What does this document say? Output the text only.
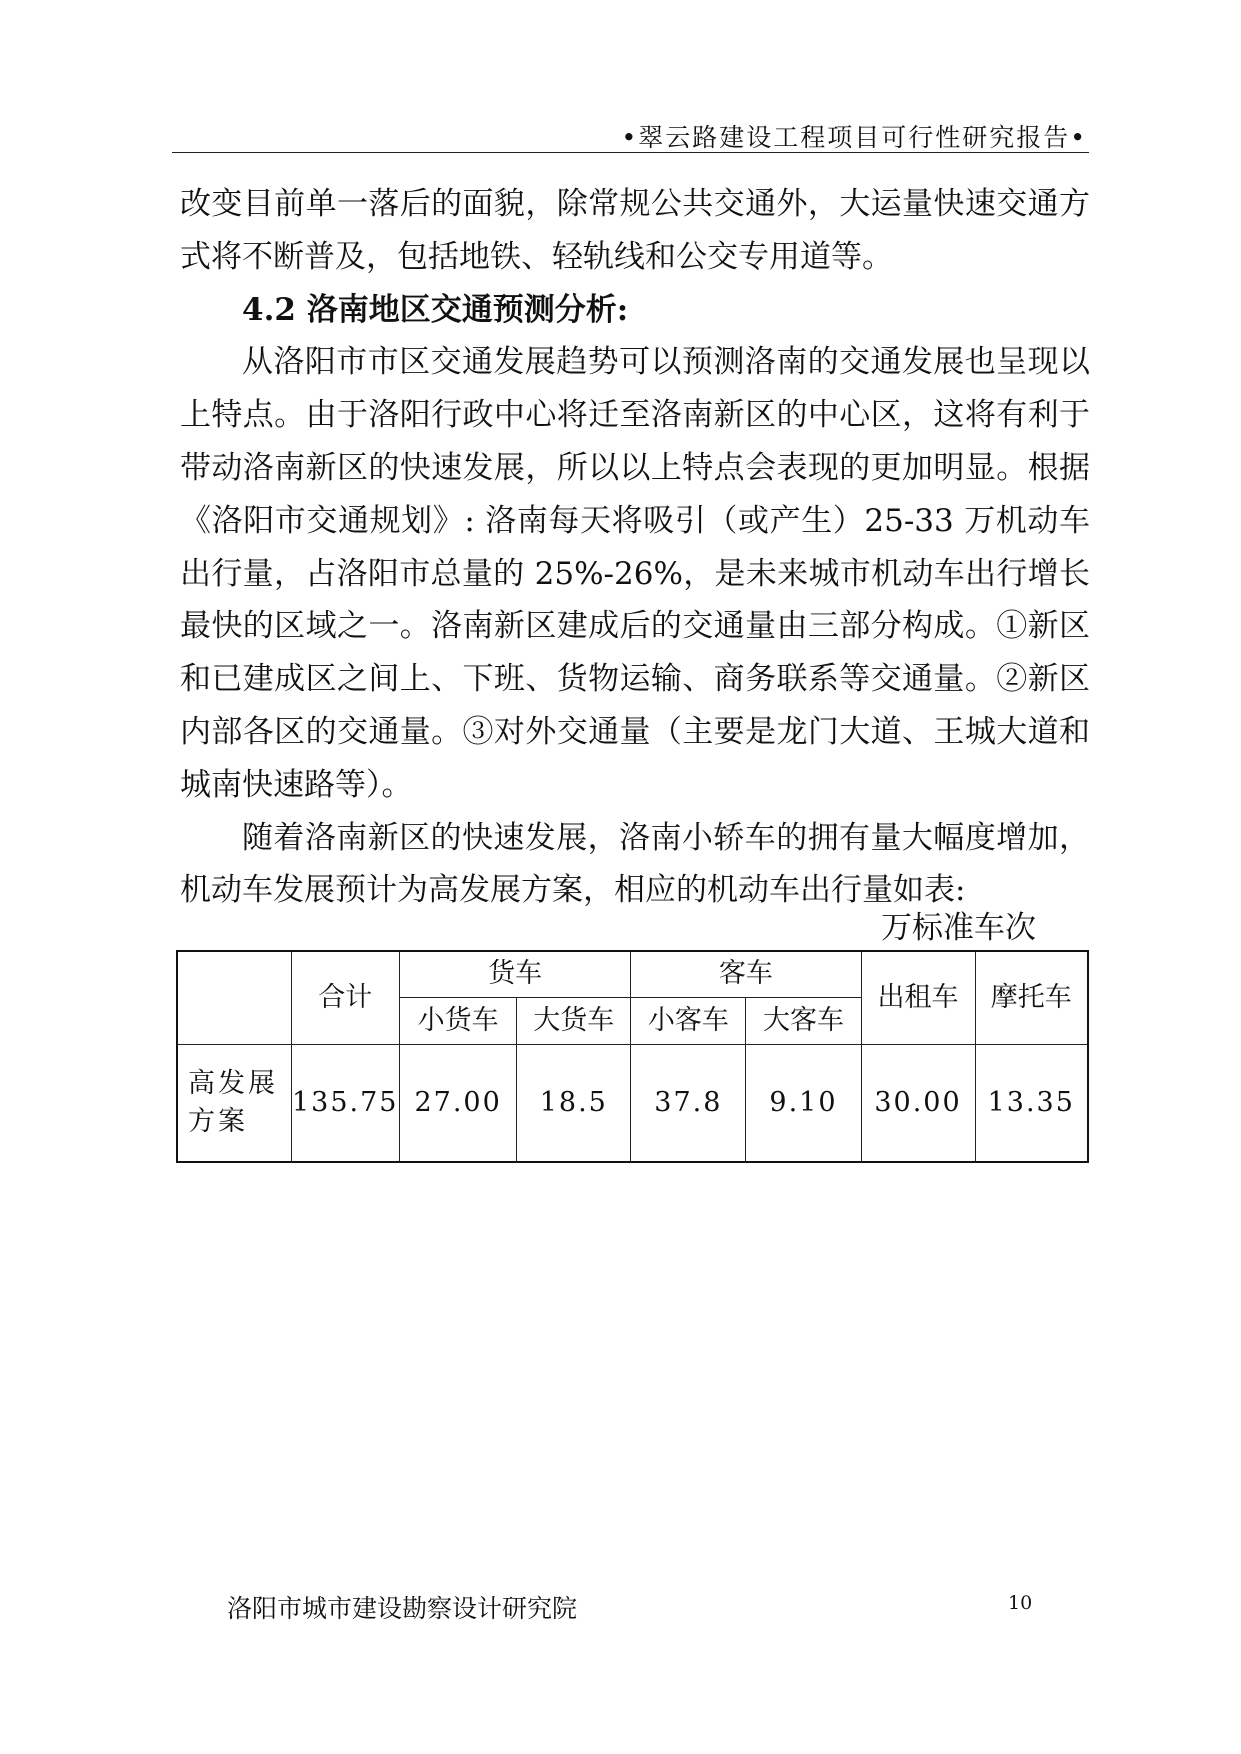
•翠云路建设工程项目可行性研究报告•

改变目前单一落后的面貌，除常规公共交通外，大运量快速交通方式将不断普及，包括地铁、轻轨线和公交专用道等。

4.2 洛南地区交通预测分析:

从洛阳市市区交通发展趋势可以预测洛南的交通发展也呈现以上特点。由于洛阳行政中心将迁至洛南新区的中心区，这将有利于带动洛南新区的快速发展，所以以上特点会表现的更加明显。根据《洛阳市交通规划》: 洛南每天将吸引（或产生）25-33 万机动车出行量，占洛阳市总量的 25%-26%，是未来城市机动车出行增长最快的区域之一。洛南新区建成后的交通量由三部分构成。①新区和已建成区之间上、下班、货物运输、商务联系等交通量。②新区内部各区的交通量。③对外交通量（主要是龙门大道、王城大道和城南快速路等）。

随着洛南新区的快速发展，洛南小轿车的拥有量大幅度增加，机动车发展预计为高发展方案，相应的机动车出行量如表:

万标准车次
	合计	货车		客车		出租车	摩托车
		小货车	大货车	小客车	大客车		
高发展方案	135.75	27.00	18.5	37.8	9.10	30.00	13.35
洛阳市城市建设勘察设计研究院	10
